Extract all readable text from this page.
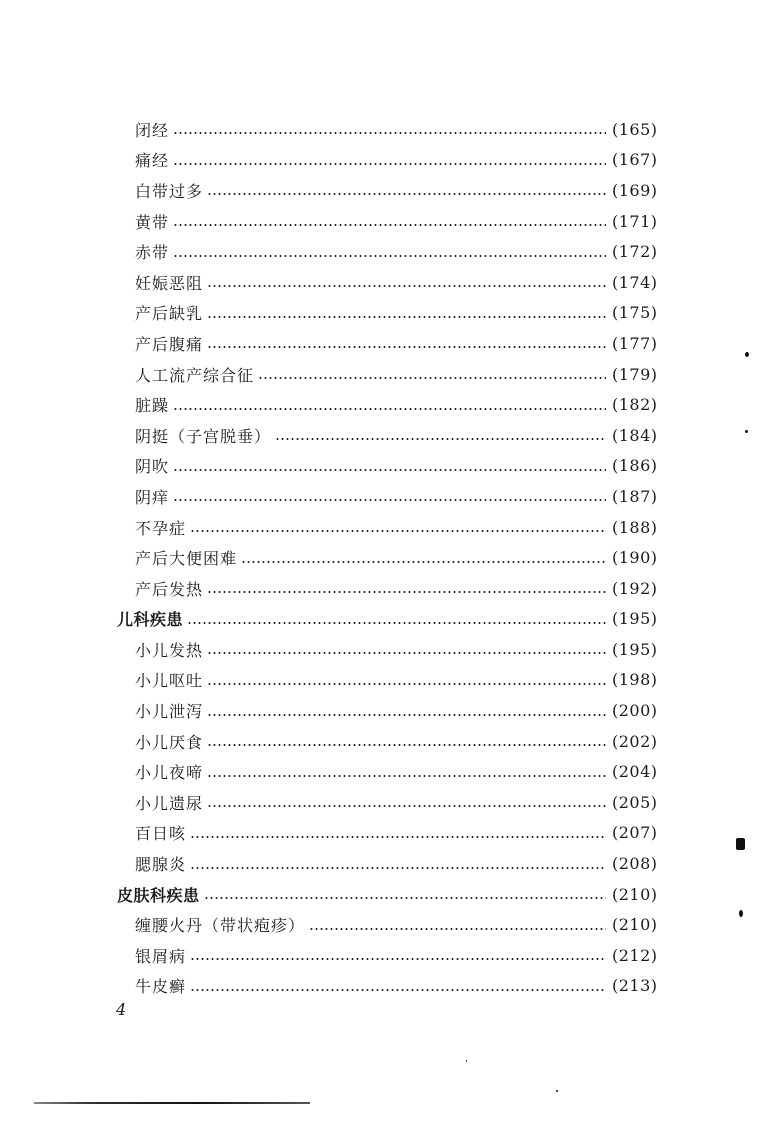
闭经	(165)
痛经	(167)
白带过多	(169)
黄带	(171)
赤带	(172)
妊娠恶阻	(174)
产后缺乳	(175)
产后腹痛	(177)
人工流产综合征	(179)
脏躁	(182)
阴挺（子宫脱垂）	(184)
阴吹	(186)
阴痒	(187)
不孕症	(188)
产后大便困难	(190)
产后发热	(192)
儿科疾患	(195)
小儿发热	(195)
小儿呕吐	(198)
小儿泄泻	(200)
小儿厌食	(202)
小儿夜啼	(204)
小儿遗尿	(205)
百日咳	(207)
腮腺炎	(208)
皮肤科疾患	(210)
缠腰火丹（带状疱疹）	(210)
银屑病	(212)
牛皮癣	(213)
4
